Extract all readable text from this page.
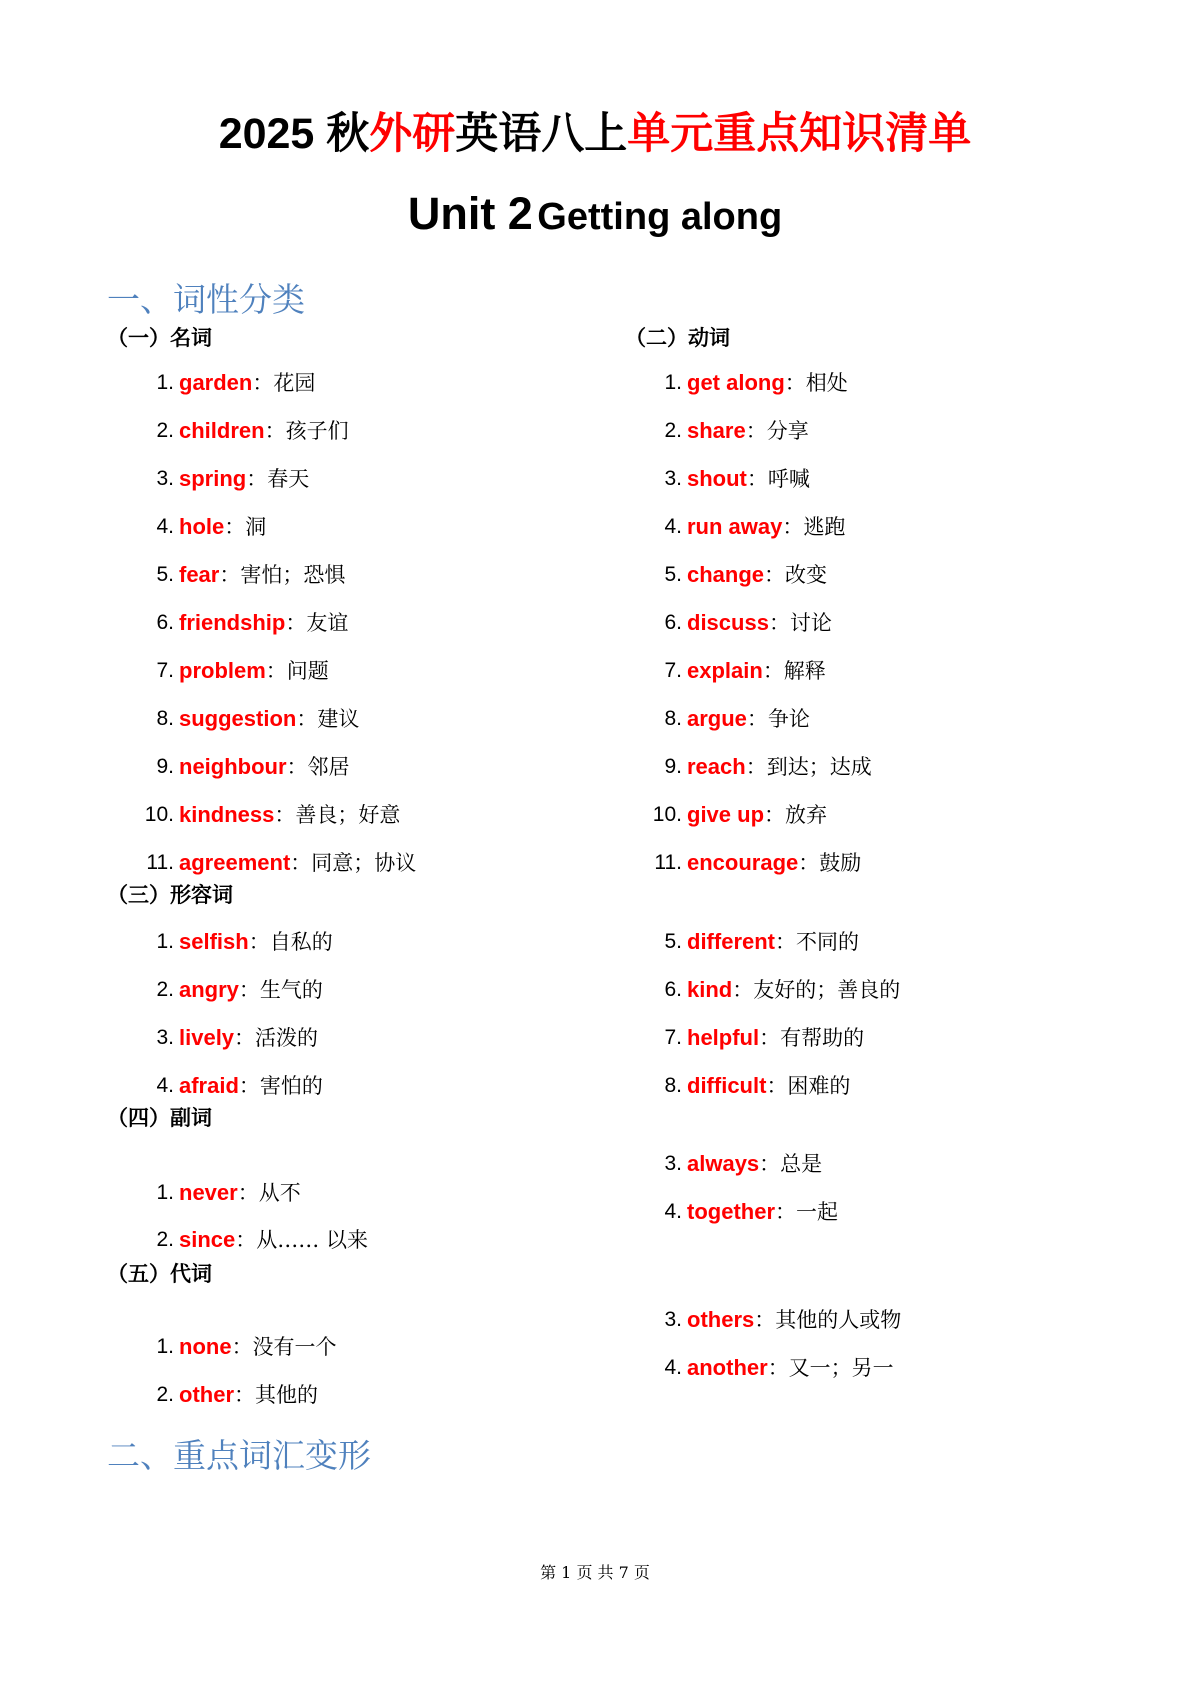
2025 秋外研英语八上单元重点知识清单
Unit 2 Getting along
一、词性分类
（一）名词	（二）动词
1. garden：花园
2. children：孩子们
3. spring：春天
4. hole：洞
5. fear：害怕；恐惧
6. friendship：友谊
7. problem：问题
8. suggestion：建议
9. neighbour：邻居
10. kindness：善良；好意
11. agreement：同意；协议
1. get along：相处
2. share：分享
3. shout：呼喊
4. run away：逃跑
5. change：改变
6. discuss：讨论
7. explain：解释
8. argue：争论
9. reach：到达；达成
10. give up：放弃
11. encourage：鼓励
（三）形容词
1. selfish：自私的
2. angry：生气的
3. lively：活泼的
4. afraid：害怕的
5. different：不同的
6. kind：友好的；善良的
7. helpful：有帮助的
8. difficult：困难的
（四）副词
1. never：从不
2. since：从…… 以来
3. always：总是
4. together：一起
（五）代词
1. none：没有一个
2. other：其他的
3. others：其他的人或物
4. another：又一；另一
二、重点词汇变形
第 1 页 共 7 页
